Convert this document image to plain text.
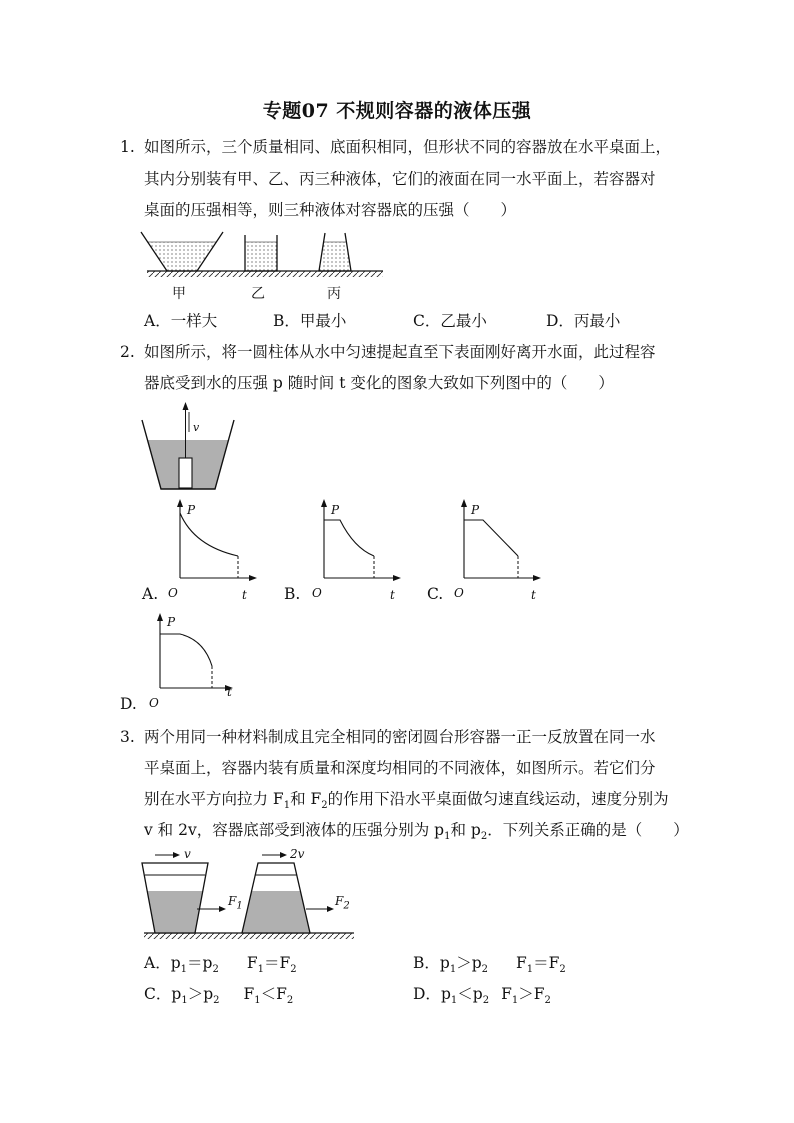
专题07 不规则容器的液体压强
1. 如图所示，三个质量相同、底面积相同，但形状不同的容器放在水平桌面上，
其内分别装有甲、乙、丙三种液体，它们的液面在同一水平面上，若容器对
桌面的压强相等，则三种液体对容器底的压强（　　）
甲	乙	丙
A．一样大	B．甲最小	C．乙最小	D．丙最小
2. 如图所示，将一圆柱体从水中匀速提起直至下表面刚好离开水面，此过程容
器底受到水的压强 p 随时间 t 变化的图象大致如下列图中的（　　）
v
P
O	t
A.
P
O	t
B.
P
O	t
C.
P
O
t
D.
3. 两个用同一种材料制成且完全相同的密闭圆台形容器一正一反放置在同一水
平桌面上，容器内装有质量和深度均相同的不同液体，如图所示。若它们分
别在水平方向拉力 $F_1$和 $F_2$的作用下沿水平桌面做匀速直线运动，速度分别为
v 和 2v，容器底部受到液体的压强分别为 $p_1$和 $p_2$．下列关系正确的是（　　）
v	2v
$F_1$	$F_2$
A．$p_1=p_2$ $F_1=F_2$	B．$p_1>p_2$ $F_1=F_2$
C．$p_1>p_2$ $F_1<F_2$	D．$p_1<p_2$ $F_1>F_2$
